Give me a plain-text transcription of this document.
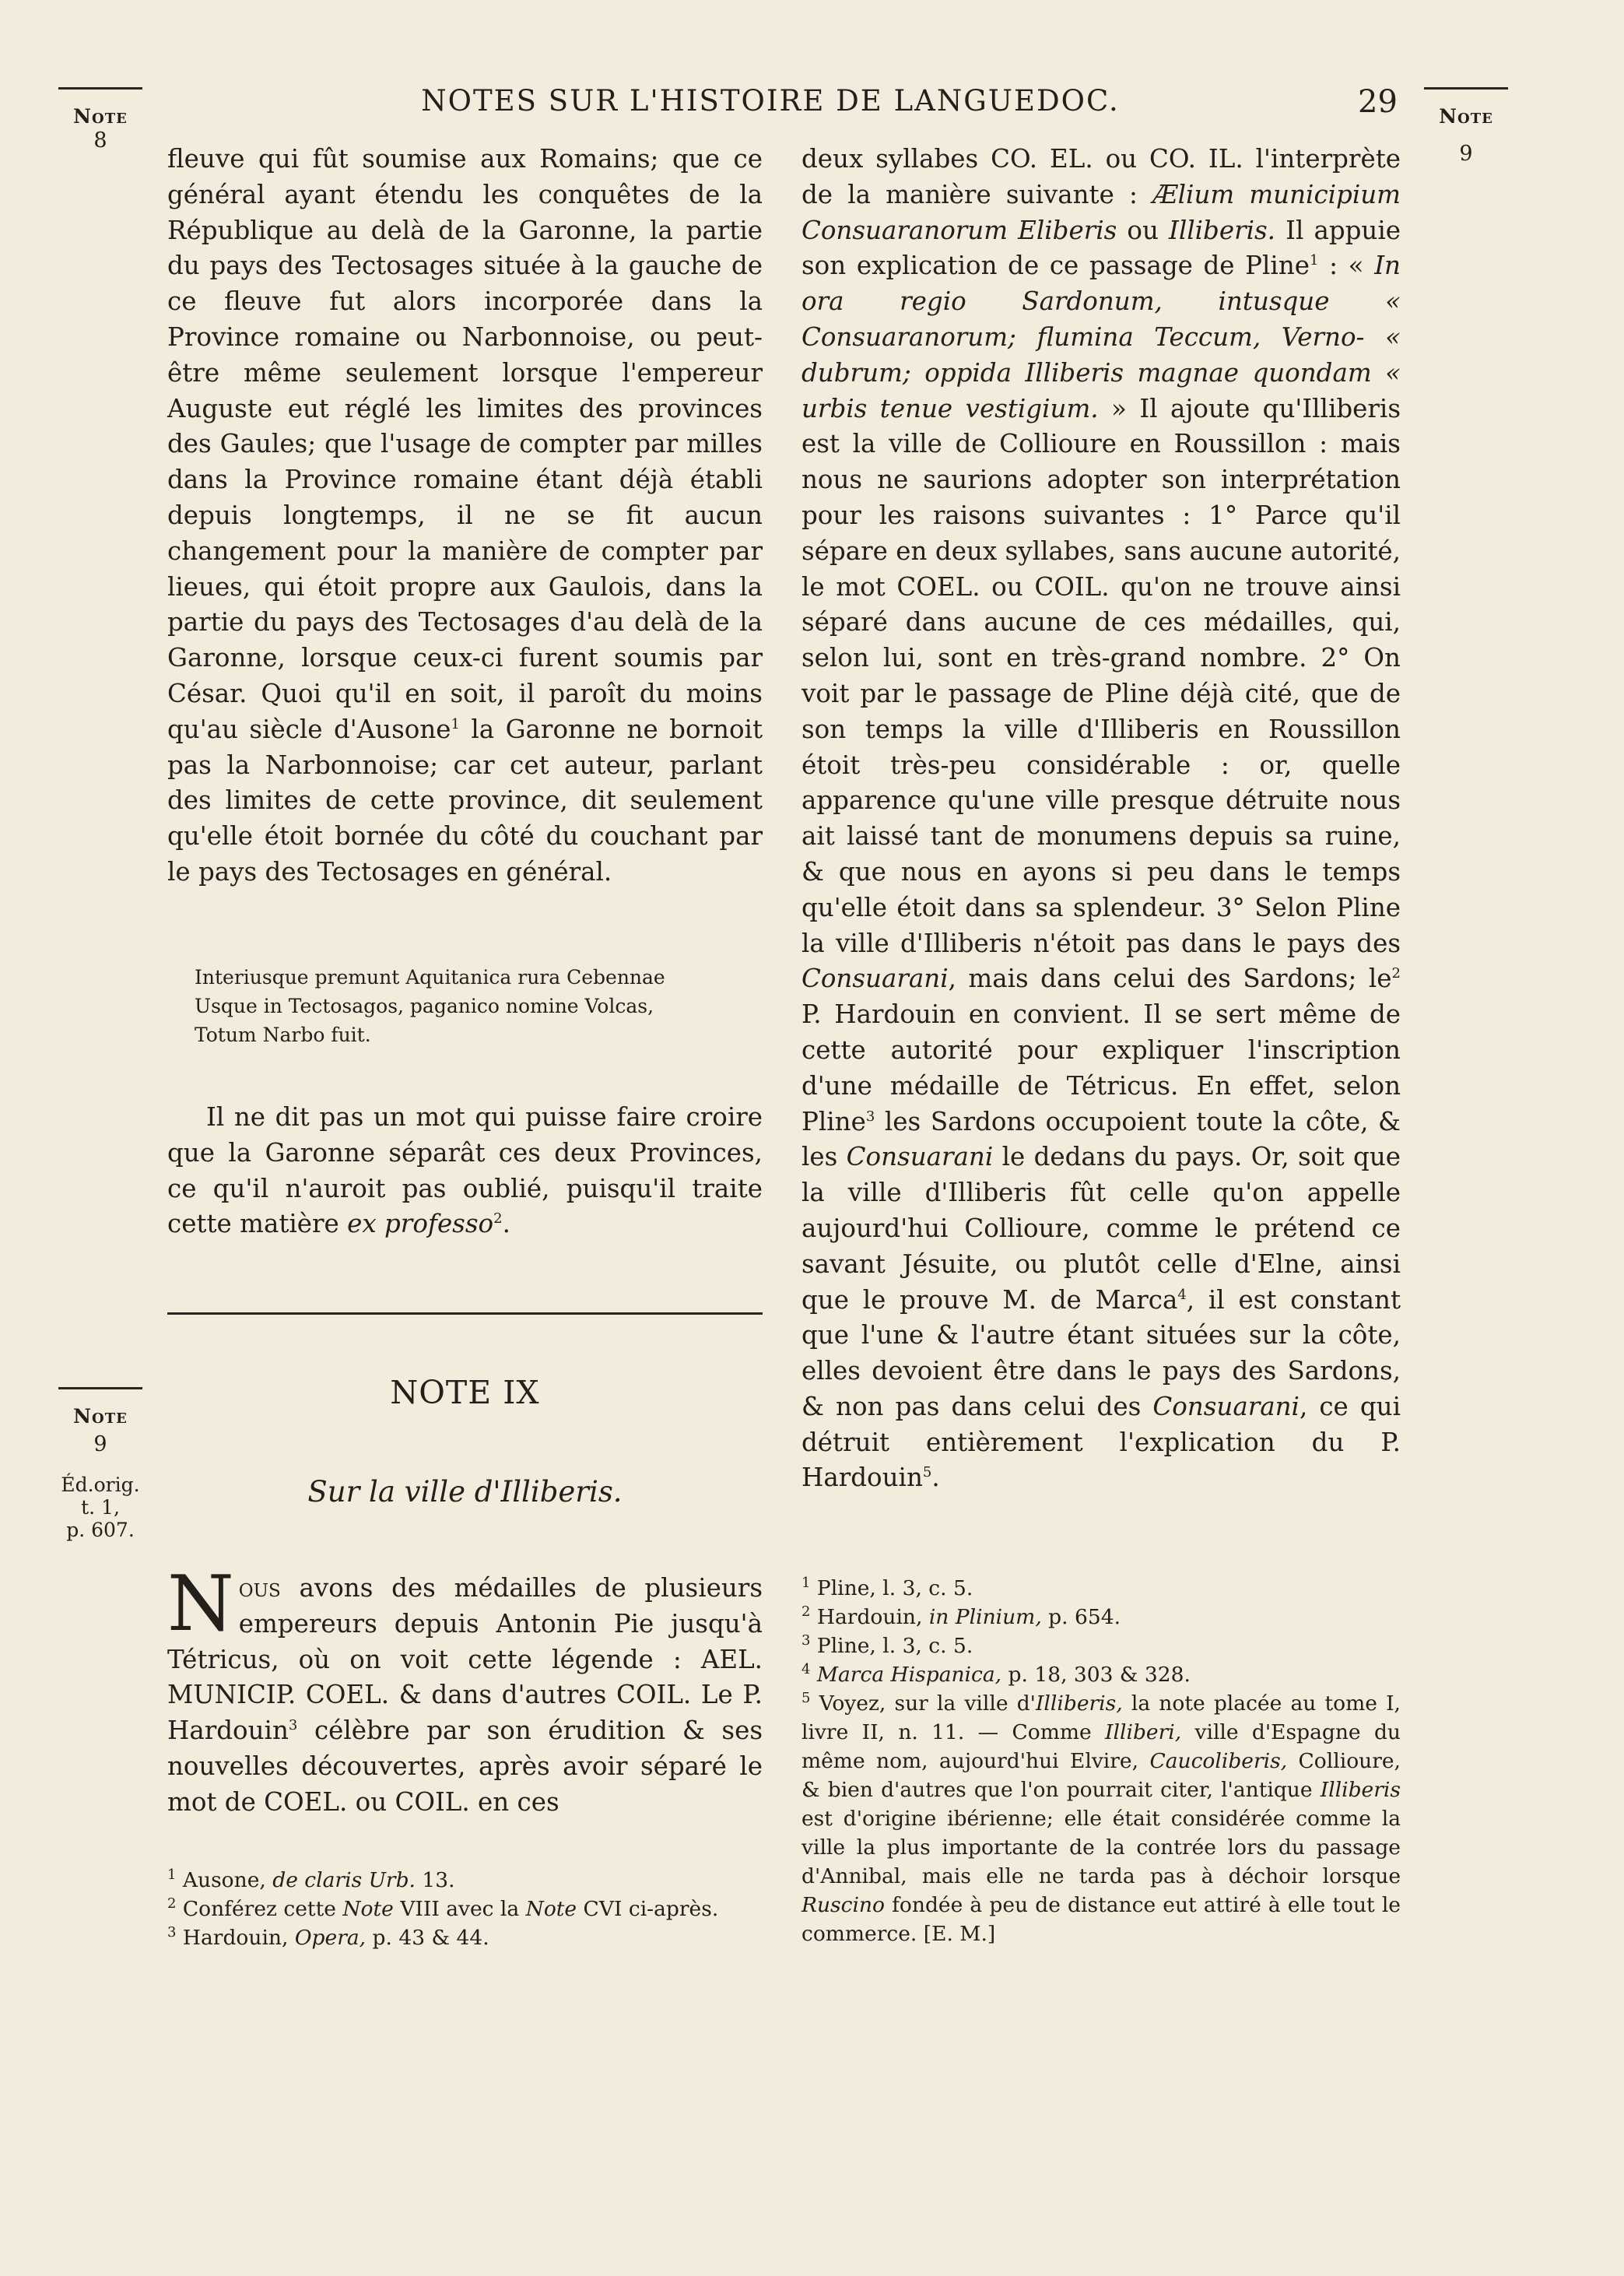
Note
8
NOTES SUR L'HISTOIRE DE LANGUEDOC.	29	Note
9

fleuve qui fût soumise aux Romains; que ce général ayant étendu les conquêtes de la République au delà de la Garonne, la partie du pays des Tectosages située à la gauche de ce fleuve fut alors incorporée dans la Province romaine ou Narbonnoise, ou peut-être même seulement lorsque l'empereur Auguste eut réglé les limites des provinces des Gaules; que l'usage de compter par milles dans la Province romaine étant déjà établi depuis longtemps, il ne se fit aucun changement pour la manière de compter par lieues, qui étoit propre aux Gaulois, dans la partie du pays des Tectosages d'au delà de la Garonne, lorsque ceux-ci furent soumis par César. Quoi qu'il en soit, il paroît du moins qu'au siècle d'Ausone$^1$ la Garonne ne bornoit pas la Narbonnoise; car cet auteur, parlant des limites de cette province, dit seulement qu'elle étoit bornée du côté du couchant par le pays des Tectosages en général.

Interiusque premunt Aquitanica rura Cebennae
Usque in Tectosagos, paganico nomine Volcas,
Totum Narbo fuit.

Il ne dit pas un mot qui puisse faire croire que la Garonne séparât ces deux Provinces, ce qu'il n'auroit pas oublié, puisqu'il traite cette matière ex professo$^2$.

Note
9
Éd.orig.
t. 1,
p. 607.
NOTE IX
Sur la ville d'Illiberis.

Nous avons des médailles de plusieurs empereurs depuis Antonin Pie jusqu'à Tétricus, où on voit cette légende : AEL. MUNICIP. COEL. & dans d'autres COIL. Le P. Hardouin$^3$ célèbre par son érudition & ses nouvelles découvertes, après avoir séparé le mot de COEL. ou COIL. en ces

$^1$ Ausone, de claris Urb. 13.
$^2$ Conférez cette Note VIII avec la Note CVI ci-après.
$^3$ Hardouin, Opera, p. 43 & 44.

deux syllabes CO. EL. ou CO. IL. l'interprète de la manière suivante : Ælium municipium Consuaranorum Eliberis ou Illiberis. Il appuie son explication de ce passage de Pline$^1$ : « In ora regio Sardonum, intusque « Consuaranorum; flumina Teccum, Verno- « dubrum; oppida Illiberis magnae quondam « urbis tenue vestigium. » Il ajoute qu'Illiberis est la ville de Collioure en Roussillon : mais nous ne saurions adopter son interprétation pour les raisons suivantes : 1° Parce qu'il sépare en deux syllabes, sans aucune autorité, le mot COEL. ou COIL. qu'on ne trouve ainsi séparé dans aucune de ces médailles, qui, selon lui, sont en très-grand nombre. 2° On voit par le passage de Pline déjà cité, que de son temps la ville d'Illiberis en Roussillon étoit très-peu considérable : or, quelle apparence qu'une ville presque détruite nous ait laissé tant de monumens depuis sa ruine, & que nous en ayons si peu dans le temps qu'elle étoit dans sa splendeur. 3° Selon Pline la ville d'Illiberis n'étoit pas dans le pays des Consuarani, mais dans celui des Sardons; $le^2$ P. Hardouin en convient. Il se sert même de cette autorité pour expliquer l'inscription d'une médaille de Tétricus. En effet, selon Pline$^3$ les Sardons occupoient toute la côte, & les Consuarani le dedans du pays. Or, soit que la ville d'Illiberis fût celle qu'on appelle aujourd'hui Collioure, comme le prétend ce savant Jésuite, ou plutôt celle d'Elne, ainsi que le prouve M. de Marca$^4$, il est constant que l'une & l'autre étant situées sur la côte, elles devoient être dans le pays des Sardons, & non pas dans celui des Consuarani, ce qui détruit entièrement l'explication du P. Hardouin$^5$.

$^1$ Pline, l. 3, c. 5.
$^2$ Hardouin, in Plinium, p. 654.
$^3$ Pline, l. 3, c. 5.
$^4$ Marca Hispanica, p. 18, 303 & 328.
$^5$ Voyez, sur la ville d'Illiberis, la note placée au tome I, livre II, n. 11. — Comme Illiberi, ville d'Espagne du même nom, aujourd'hui Elvire, Caucoliberis, Collioure, & bien d'autres que l'on pourrait citer, l'antique Illiberis est d'origine ibérienne; elle était considérée comme la ville la plus importante de la contrée lors du passage d'Annibal, mais elle ne tarda pas à déchoir lorsque Ruscino fondée à peu de distance eut attiré à elle tout le commerce. [E. M.]
